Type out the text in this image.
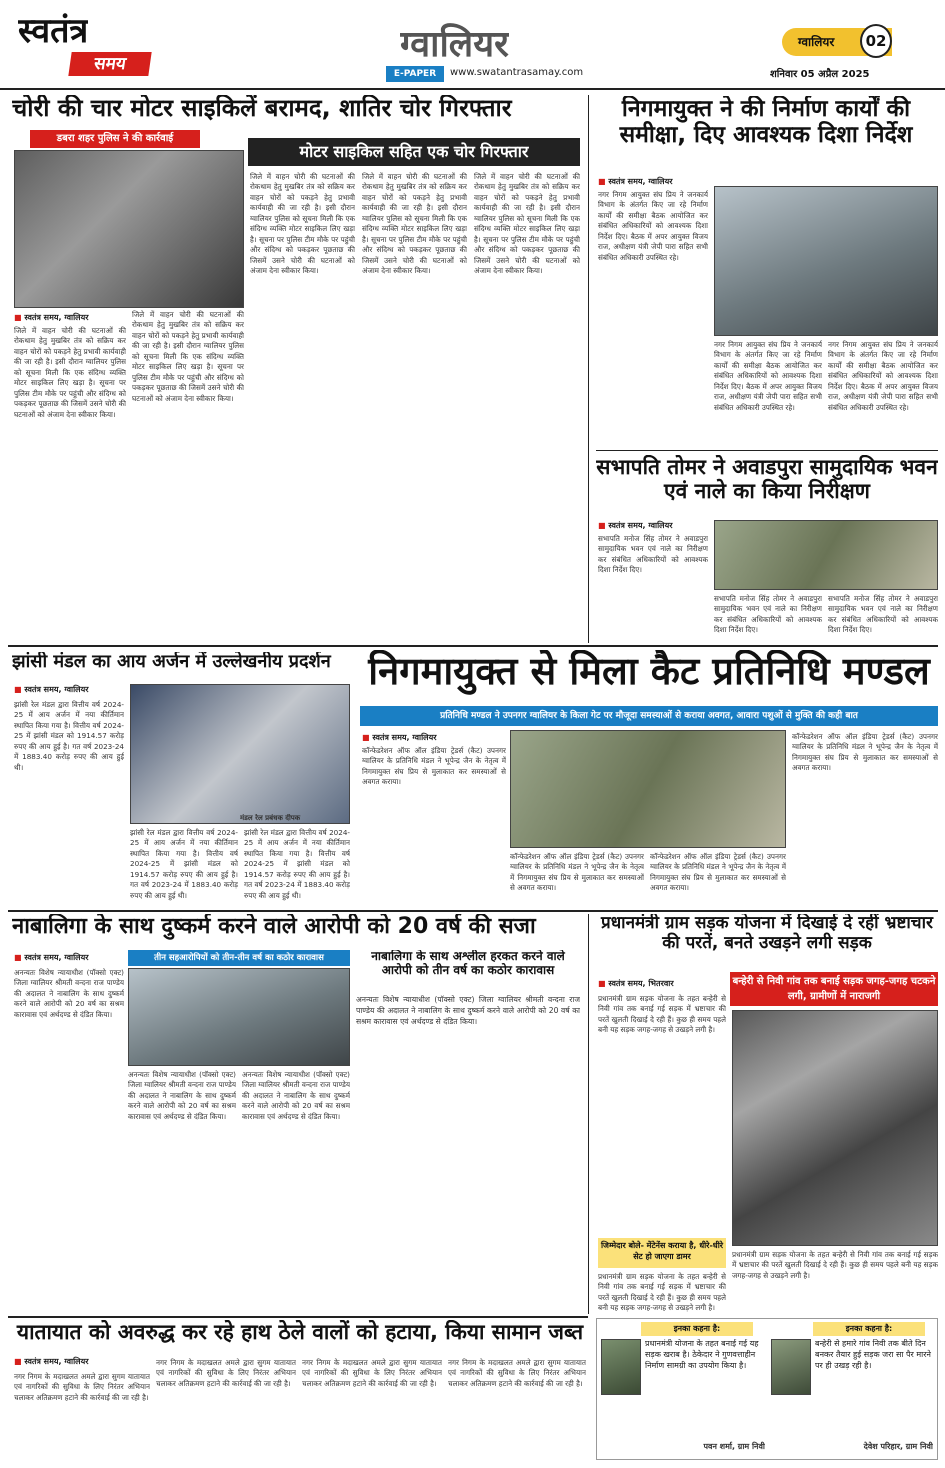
स्वतंत्र
समय	ग्वालियर
E-PAPER	www.swatantrasamay.com
ग्वालियर	02
शनिवार 05 अप्रैल 2025
चोरी की चार मोटर साइकिलें बरामद, शातिर चोर गिरफ्तार
डबरा शहर पुलिस ने की कार्रवाई
मोटर साइकिल सहित एक चोर गिरफ्तार
■ स्वतंत्र समय, ग्वालियर
जिले में वाहन चोरी की घटनाओं की रोकथाम हेतु मुखबिर तंत्र को सक्रिय कर वाहन चोरों को पकड़ने हेतु प्रभावी कार्यवाही की जा रही है। इसी दौरान ग्वालियर पुलिस को सूचना मिली कि एक संदिग्ध व्यक्ति मोटर साइकिल लिए खड़ा है। सूचना पर पुलिस टीम मौके पर पहुंची और संदिग्ध को पकड़कर पूछताछ की जिसमें उसने चोरी की घटनाओं को अंजाम देना स्वीकार किया।
जिले में वाहन चोरी की घटनाओं की रोकथाम हेतु मुखबिर तंत्र को सक्रिय कर वाहन चोरों को पकड़ने हेतु प्रभावी कार्यवाही की जा रही है। इसी दौरान ग्वालियर पुलिस को सूचना मिली कि एक संदिग्ध व्यक्ति मोटर साइकिल लिए खड़ा है। सूचना पर पुलिस टीम मौके पर पहुंची और संदिग्ध को पकड़कर पूछताछ की जिसमें उसने चोरी की घटनाओं को अंजाम देना स्वीकार किया।
जिले में वाहन चोरी की घटनाओं की रोकथाम हेतु मुखबिर तंत्र को सक्रिय कर वाहन चोरों को पकड़ने हेतु प्रभावी कार्यवाही की जा रही है। इसी दौरान ग्वालियर पुलिस को सूचना मिली कि एक संदिग्ध व्यक्ति मोटर साइकिल लिए खड़ा है। सूचना पर पुलिस टीम मौके पर पहुंची और संदिग्ध को पकड़कर पूछताछ की जिसमें उसने चोरी की घटनाओं को अंजाम देना स्वीकार किया।
जिले में वाहन चोरी की घटनाओं की रोकथाम हेतु मुखबिर तंत्र को सक्रिय कर वाहन चोरों को पकड़ने हेतु प्रभावी कार्यवाही की जा रही है। इसी दौरान ग्वालियर पुलिस को सूचना मिली कि एक संदिग्ध व्यक्ति मोटर साइकिल लिए खड़ा है। सूचना पर पुलिस टीम मौके पर पहुंची और संदिग्ध को पकड़कर पूछताछ की जिसमें उसने चोरी की घटनाओं को अंजाम देना स्वीकार किया।
जिले में वाहन चोरी की घटनाओं की रोकथाम हेतु मुखबिर तंत्र को सक्रिय कर वाहन चोरों को पकड़ने हेतु प्रभावी कार्यवाही की जा रही है। इसी दौरान ग्वालियर पुलिस को सूचना मिली कि एक संदिग्ध व्यक्ति मोटर साइकिल लिए खड़ा है। सूचना पर पुलिस टीम मौके पर पहुंची और संदिग्ध को पकड़कर पूछताछ की जिसमें उसने चोरी की घटनाओं को अंजाम देना स्वीकार किया।
निगमायुक्त ने की निर्माण कार्यों की समीक्षा, दिए आवश्यक दिशा निर्देश
■ स्वतंत्र समय, ग्वालियर
नगर निगम आयुक्त संघ प्रिय ने जनकार्य विभाग के अंतर्गत किए जा रहे निर्माण कार्यों की समीक्षा बैठक आयोजित कर संबंधित अधिकारियों को आवश्यक दिशा निर्देश दिए। बैठक में अपर आयुक्त विजय राज, अधीक्षण यंत्री जेपी पारा सहित सभी संबंधित अधिकारी उपस्थित रहे।
नगर निगम आयुक्त संघ प्रिय ने जनकार्य विभाग के अंतर्गत किए जा रहे निर्माण कार्यों की समीक्षा बैठक आयोजित कर संबंधित अधिकारियों को आवश्यक दिशा निर्देश दिए। बैठक में अपर आयुक्त विजय राज, अधीक्षण यंत्री जेपी पारा सहित सभी संबंधित अधिकारी उपस्थित रहे।
नगर निगम आयुक्त संघ प्रिय ने जनकार्य विभाग के अंतर्गत किए जा रहे निर्माण कार्यों की समीक्षा बैठक आयोजित कर संबंधित अधिकारियों को आवश्यक दिशा निर्देश दिए। बैठक में अपर आयुक्त विजय राज, अधीक्षण यंत्री जेपी पारा सहित सभी संबंधित अधिकारी उपस्थित रहे।
सभापति तोमर ने अवाडपुरा सामुदायिक भवन एवं नाले का किया निरीक्षण
■ स्वतंत्र समय, ग्वालियर
सभापति मनोज सिंह तोमर ने अवाडपुरा सामुदायिक भवन एवं नाले का निरीक्षण कर संबंधित अधिकारियों को आवश्यक दिशा निर्देश दिए।
सभापति मनोज सिंह तोमर ने अवाडपुरा सामुदायिक भवन एवं नाले का निरीक्षण कर संबंधित अधिकारियों को आवश्यक दिशा निर्देश दिए।
सभापति मनोज सिंह तोमर ने अवाडपुरा सामुदायिक भवन एवं नाले का निरीक्षण कर संबंधित अधिकारियों को आवश्यक दिशा निर्देश दिए।
झांसी मंडल का आय अर्जन में उल्लेखनीय प्रदर्शन
■ स्वतंत्र समय, ग्वालियर
झांसी रेल मंडल द्वारा वित्तीय वर्ष 2024-25 में आय अर्जन में नया कीर्तिमान स्थापित किया गया है। वित्तीय वर्ष 2024-25 में झांसी मंडल को 1914.57 करोड़ रुपए की आय हुई है। गत वर्ष 2023-24 में 1883.40 करोड़ रुपए की आय हुई थी।
झांसी रेल मंडल द्वारा वित्तीय वर्ष 2024-25 में आय अर्जन में नया कीर्तिमान स्थापित किया गया है। वित्तीय वर्ष 2024-25 में झांसी मंडल को 1914.57 करोड़ रुपए की आय हुई है। गत वर्ष 2023-24 में 1883.40 करोड़ रुपए की आय हुई थी।
झांसी रेल मंडल द्वारा वित्तीय वर्ष 2024-25 में आय अर्जन में नया कीर्तिमान स्थापित किया गया है। वित्तीय वर्ष 2024-25 में झांसी मंडल को 1914.57 करोड़ रुपए की आय हुई है। गत वर्ष 2023-24 में 1883.40 करोड़ रुपए की आय हुई थी।
मंडल रेल प्रबंधक दीपक
निगमायुक्त से मिला कैट प्रतिनिधि मण्डल
प्रतिनिधि मण्डल ने उपनगर ग्वालियर के किला गेट पर मौजूदा समस्याओं से कराया अवगत, आवारा पशुओं से मुक्ति की कही बात
■ स्वतंत्र समय, ग्वालियर
कॉन्फेडरेशन ऑफ ऑल इंडिया ट्रेडर्स (कैट) उपनगर ग्वालियर के प्रतिनिधि मंडल ने भूपेन्द्र जैन के नेतृत्व में निगमायुक्त संघ प्रिय से मुलाकात कर समस्याओं से अवगत कराया।
कॉन्फेडरेशन ऑफ ऑल इंडिया ट्रेडर्स (कैट) उपनगर ग्वालियर के प्रतिनिधि मंडल ने भूपेन्द्र जैन के नेतृत्व में निगमायुक्त संघ प्रिय से मुलाकात कर समस्याओं से अवगत कराया।
कॉन्फेडरेशन ऑफ ऑल इंडिया ट्रेडर्स (कैट) उपनगर ग्वालियर के प्रतिनिधि मंडल ने भूपेन्द्र जैन के नेतृत्व में निगमायुक्त संघ प्रिय से मुलाकात कर समस्याओं से अवगत कराया।
कॉन्फेडरेशन ऑफ ऑल इंडिया ट्रेडर्स (कैट) उपनगर ग्वालियर के प्रतिनिधि मंडल ने भूपेन्द्र जैन के नेतृत्व में निगमायुक्त संघ प्रिय से मुलाकात कर समस्याओं से अवगत कराया।
नाबालिगा के साथ दुष्कर्म करने वाले आरोपी को 20 वर्ष की सजा
■ स्वतंत्र समय, ग्वालियर	तीन सहआरोपियों को तीन-तीन वर्ष का कठोर कारावास	नाबालिगा के साथ अश्लील हरकत करने वाले आरोपी को तीन वर्ष का कठोर कारावास
अनन्यतः विशेष न्यायाधीश (पॉक्सो एक्ट) जिला ग्वालियर श्रीमती वन्दना राज पाण्डेय की अदालत ने नाबालिग के साथ दुष्कर्म करने वाले आरोपी को 20 वर्ष का सश्रम कारावास एवं अर्थदण्ड से दंडित किया।
अनन्यतः विशेष न्यायाधीश (पॉक्सो एक्ट) जिला ग्वालियर श्रीमती वन्दना राज पाण्डेय की अदालत ने नाबालिग के साथ दुष्कर्म करने वाले आरोपी को 20 वर्ष का सश्रम कारावास एवं अर्थदण्ड से दंडित किया।
अनन्यतः विशेष न्यायाधीश (पॉक्सो एक्ट) जिला ग्वालियर श्रीमती वन्दना राज पाण्डेय की अदालत ने नाबालिग के साथ दुष्कर्म करने वाले आरोपी को 20 वर्ष का सश्रम कारावास एवं अर्थदण्ड से दंडित किया।
अनन्यतः विशेष न्यायाधीश (पॉक्सो एक्ट) जिला ग्वालियर श्रीमती वन्दना राज पाण्डेय की अदालत ने नाबालिग के साथ दुष्कर्म करने वाले आरोपी को 20 वर्ष का सश्रम कारावास एवं अर्थदण्ड से दंडित किया।
प्रधानमंत्री ग्राम सड़क योजना में दिखाई दे रहीं भ्रष्टाचार की परतें, बनते उखड़ने लगी सड़क
बन्हेरी से निवी गांव तक बनाई सड़क जगह-जगह चटकने लगी, ग्रामीणों में नाराजगी
■ स्वतंत्र समय, भितरवार
प्रधानमंत्री ग्राम सड़क योजना के तहत बन्हेरी से निवी गांव तक बनाई गई सड़क में भ्रष्टाचार की परतें खुलती दिखाई दे रही हैं। कुछ ही समय पहले बनी यह सड़क जगह-जगह से उखड़ने लगी है।
प्रधानमंत्री ग्राम सड़क योजना के तहत बन्हेरी से निवी गांव तक बनाई गई सड़क में भ्रष्टाचार की परतें खुलती दिखाई दे रही हैं। कुछ ही समय पहले बनी यह सड़क जगह-जगह से उखड़ने लगी है।
जिम्मेदार बोले- मेंटेनेंस कराया है, धीरे-धीरे सेट हो जाएगा डामर
प्रधानमंत्री ग्राम सड़क योजना के तहत बन्हेरी से निवी गांव तक बनाई गई सड़क में भ्रष्टाचार की परतें खुलती दिखाई दे रही हैं। कुछ ही समय पहले बनी यह सड़क जगह-जगह से उखड़ने लगी है।
इनका कहना है:	इनका कहना है:
प्रधानमंत्री योजना के तहत बनाई गई यह सड़क खराब है। ठेकेदार ने गुणवत्ताहीन निर्माण सामग्री का उपयोग किया है।
पवन शर्मा, ग्राम निवी
बन्हेरी से हमारे गांव निवी तक बीते दिन बनकर तैयार हुई सड़क जरा सा पैर मारने पर ही उखड़ रही है।
देवेश परिहार, ग्राम निवी
यातायात को अवरुद्ध कर रहे हाथ ठेले वालों को हटाया, किया सामान जब्त
■ स्वतंत्र समय, ग्वालियर
नगर निगम के मदाखलत अमले द्वारा सुगम यातायात एवं नागरिकों की सुविधा के लिए निरंतर अभियान चलाकर अतिक्रमण हटाने की कार्रवाई की जा रही है।
नगर निगम के मदाखलत अमले द्वारा सुगम यातायात एवं नागरिकों की सुविधा के लिए निरंतर अभियान चलाकर अतिक्रमण हटाने की कार्रवाई की जा रही है।
नगर निगम के मदाखलत अमले द्वारा सुगम यातायात एवं नागरिकों की सुविधा के लिए निरंतर अभियान चलाकर अतिक्रमण हटाने की कार्रवाई की जा रही है।
नगर निगम के मदाखलत अमले द्वारा सुगम यातायात एवं नागरिकों की सुविधा के लिए निरंतर अभियान चलाकर अतिक्रमण हटाने की कार्रवाई की जा रही है।
